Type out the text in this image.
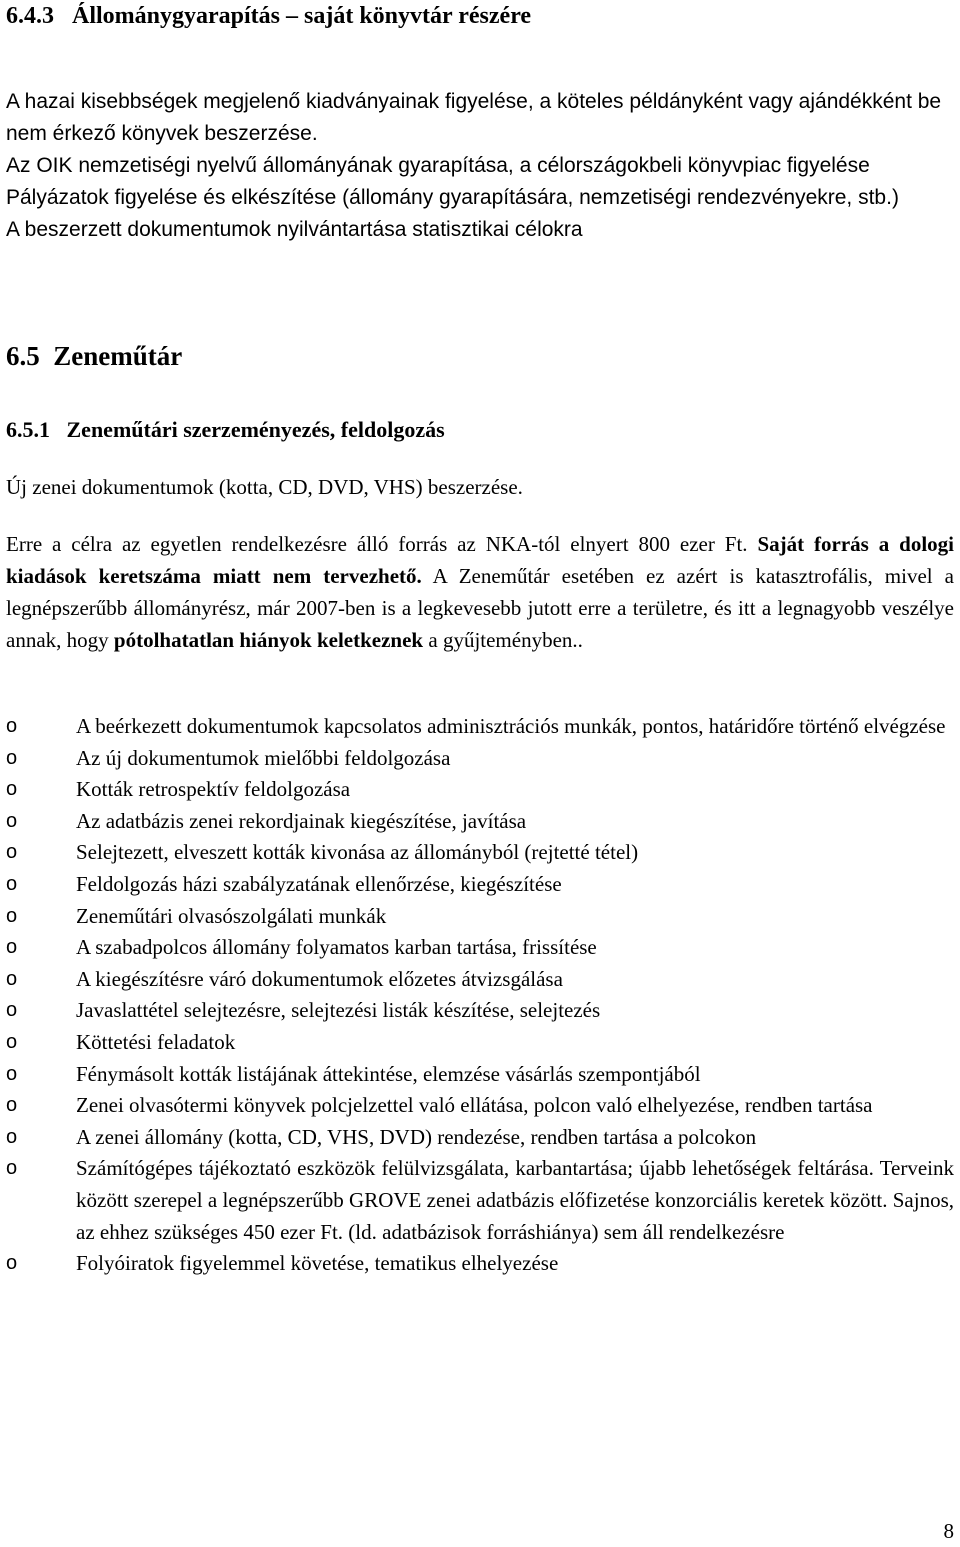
6.4.3   Állománygyarapítás – saját könyvtár részére

A hazai kisebbségek megjelenő kiadványainak figyelése, a köteles példányként vagy ajándékként be nem érkező könyvek beszerzése.

Az OIK nemzetiségi nyelvű állományának gyarapítása, a célországokbeli könyvpiac figyelése

Pályázatok figyelése és elkészítése (állomány gyarapítására, nemzetiségi rendezvényekre, stb.)

A beszerzett dokumentumok nyilvántartása statisztikai célokra

6.5  Zeneműtár
6.5.1   Zeneműtári szerzeményezés, feldolgozás
Új zenei dokumentumok (kotta, CD, DVD, VHS) beszerzése.
Erre a célra az egyetlen rendelkezésre álló forrás az NKA-tól elnyert 800 ezer Ft. Saját forrás a dologi kiadások keretszáma miatt nem tervezhető. A Zeneműtár esetében ez azért is katasztrofális, mivel a legnépszerűbb állományrész, már 2007-ben is a legkevesebb jutott erre a területre, és itt a legnagyobb veszélye annak, hogy pótolhatatlan hiányok keletkeznek a gyűjteményben..
o	A beérkezett dokumentumok kapcsolatos adminisztrációs munkák, pontos, határidőre történő elvégzése
o	Az új dokumentumok mielőbbi feldolgozása
o	Kották retrospektív feldolgozása
o	Az adatbázis zenei rekordjainak kiegészítése, javítása
o	Selejtezett, elveszett kották kivonása az állományból (rejtetté tétel)
o	Feldolgozás házi szabályzatának ellenőrzése, kiegészítése
o	Zeneműtári olvasószolgálati munkák
o	A szabadpolcos állomány folyamatos karban tartása, frissítése
o	A kiegészítésre váró dokumentumok előzetes átvizsgálása
o	Javaslattétel selejtezésre, selejtezési listák készítése, selejtezés
o	Köttetési feladatok
o	Fénymásolt kották listájának áttekintése, elemzése vásárlás szempontjából
o	Zenei olvasótermi könyvek polcjelzettel való ellátása, polcon való elhelyezése, rendben tartása
o	A zenei állomány (kotta, CD, VHS, DVD) rendezése, rendben tartása a polcokon
o	Számítógépes tájékoztató eszközök felülvizsgálata, karbantartása; újabb lehetőségek feltárása. Terveink között szerepel a legnépszerűbb GROVE zenei adatbázis előfizetése konzorciális keretek között. Sajnos, az ehhez szükséges 450 ezer Ft. (ld. adatbázisok forráshiánya) sem áll rendelkezésre
o	Folyóiratok figyelemmel követése, tematikus elhelyezése
8
